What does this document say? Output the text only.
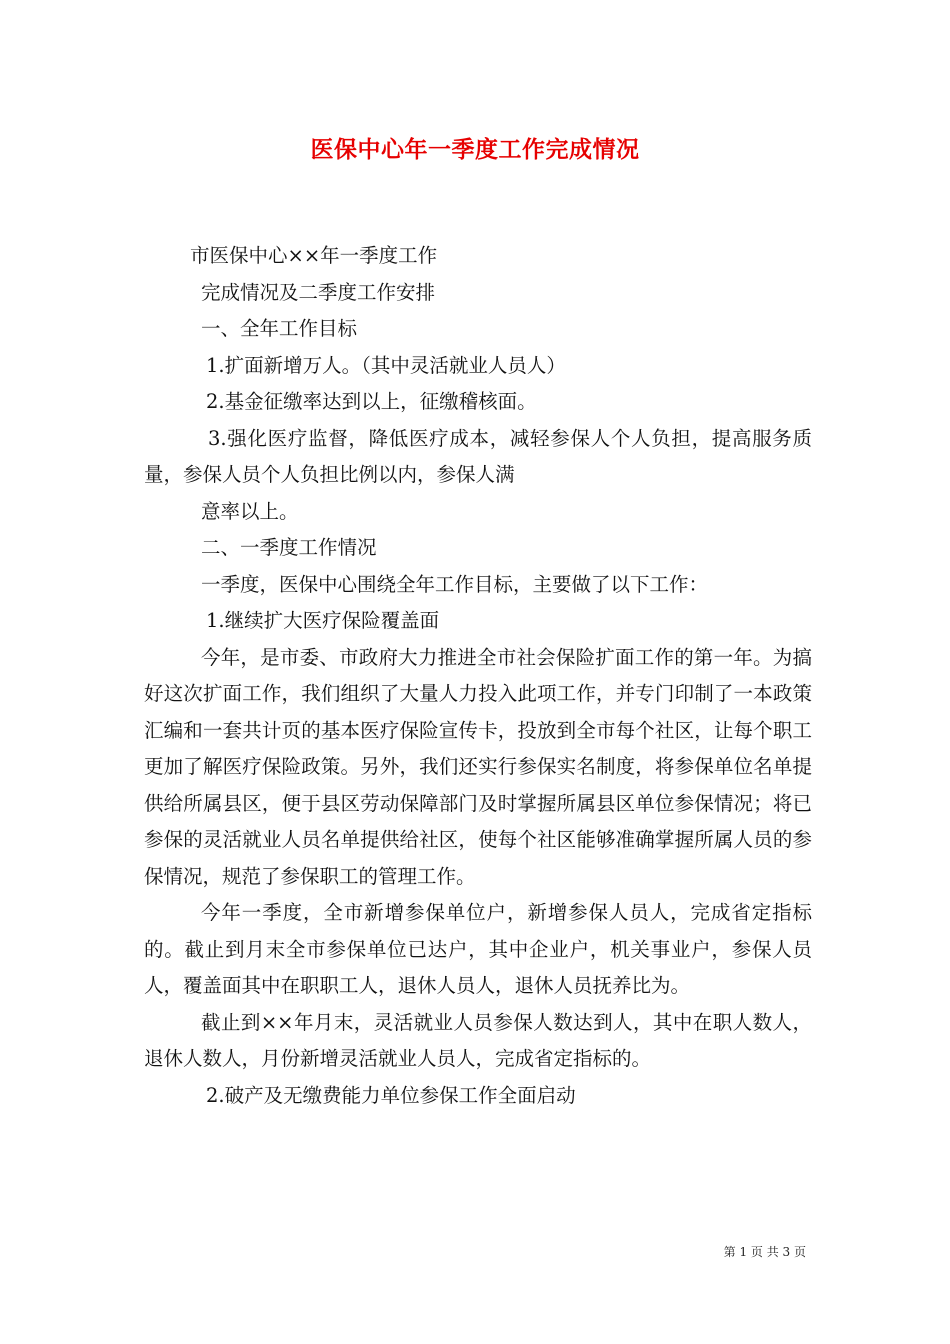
医保中心年一季度工作完成情况

市医保中心××年一季度工作

完成情况及二季度工作安排

一、全年工作目标

1.扩面新增万人。（其中灵活就业人员人）

2.基金征缴率达到以上，征缴稽核面。

3.强化医疗监督，降低医疗成本，减轻参保人个人负担，提高服务质量，参保人员个人负担比例以内，参保人满

意率以上。

二、一季度工作情况

一季度，医保中心围绕全年工作目标，主要做了以下工作：

1.继续扩大医疗保险覆盖面

今年，是市委、市政府大力推进全市社会保险扩面工作的第一年。为搞好这次扩面工作，我们组织了大量人力投入此项工作，并专门印制了一本政策汇编和一套共计页的基本医疗保险宣传卡，投放到全市每个社区，让每个职工更加了解医疗保险政策。另外，我们还实行参保实名制度，将参保单位名单提供给所属县区，便于县区劳动保障部门及时掌握所属县区单位参保情况；将已参保的灵活就业人员名单提供给社区，使每个社区能够准确掌握所属人员的参保情况，规范了参保职工的管理工作。

今年一季度，全市新增参保单位户，新增参保人员人，完成省定指标的。截止到月末全市参保单位已达户，其中企业户，机关事业户，参保人员人，覆盖面其中在职职工人，退休人员人，退休人员抚养比为。

截止到××年月末，灵活就业人员参保人数达到人，其中在职人数人，退休人数人，月份新增灵活就业人员人，完成省定指标的。

2.破产及无缴费能力单位参保工作全面启动

第 1 页 共 3 页
